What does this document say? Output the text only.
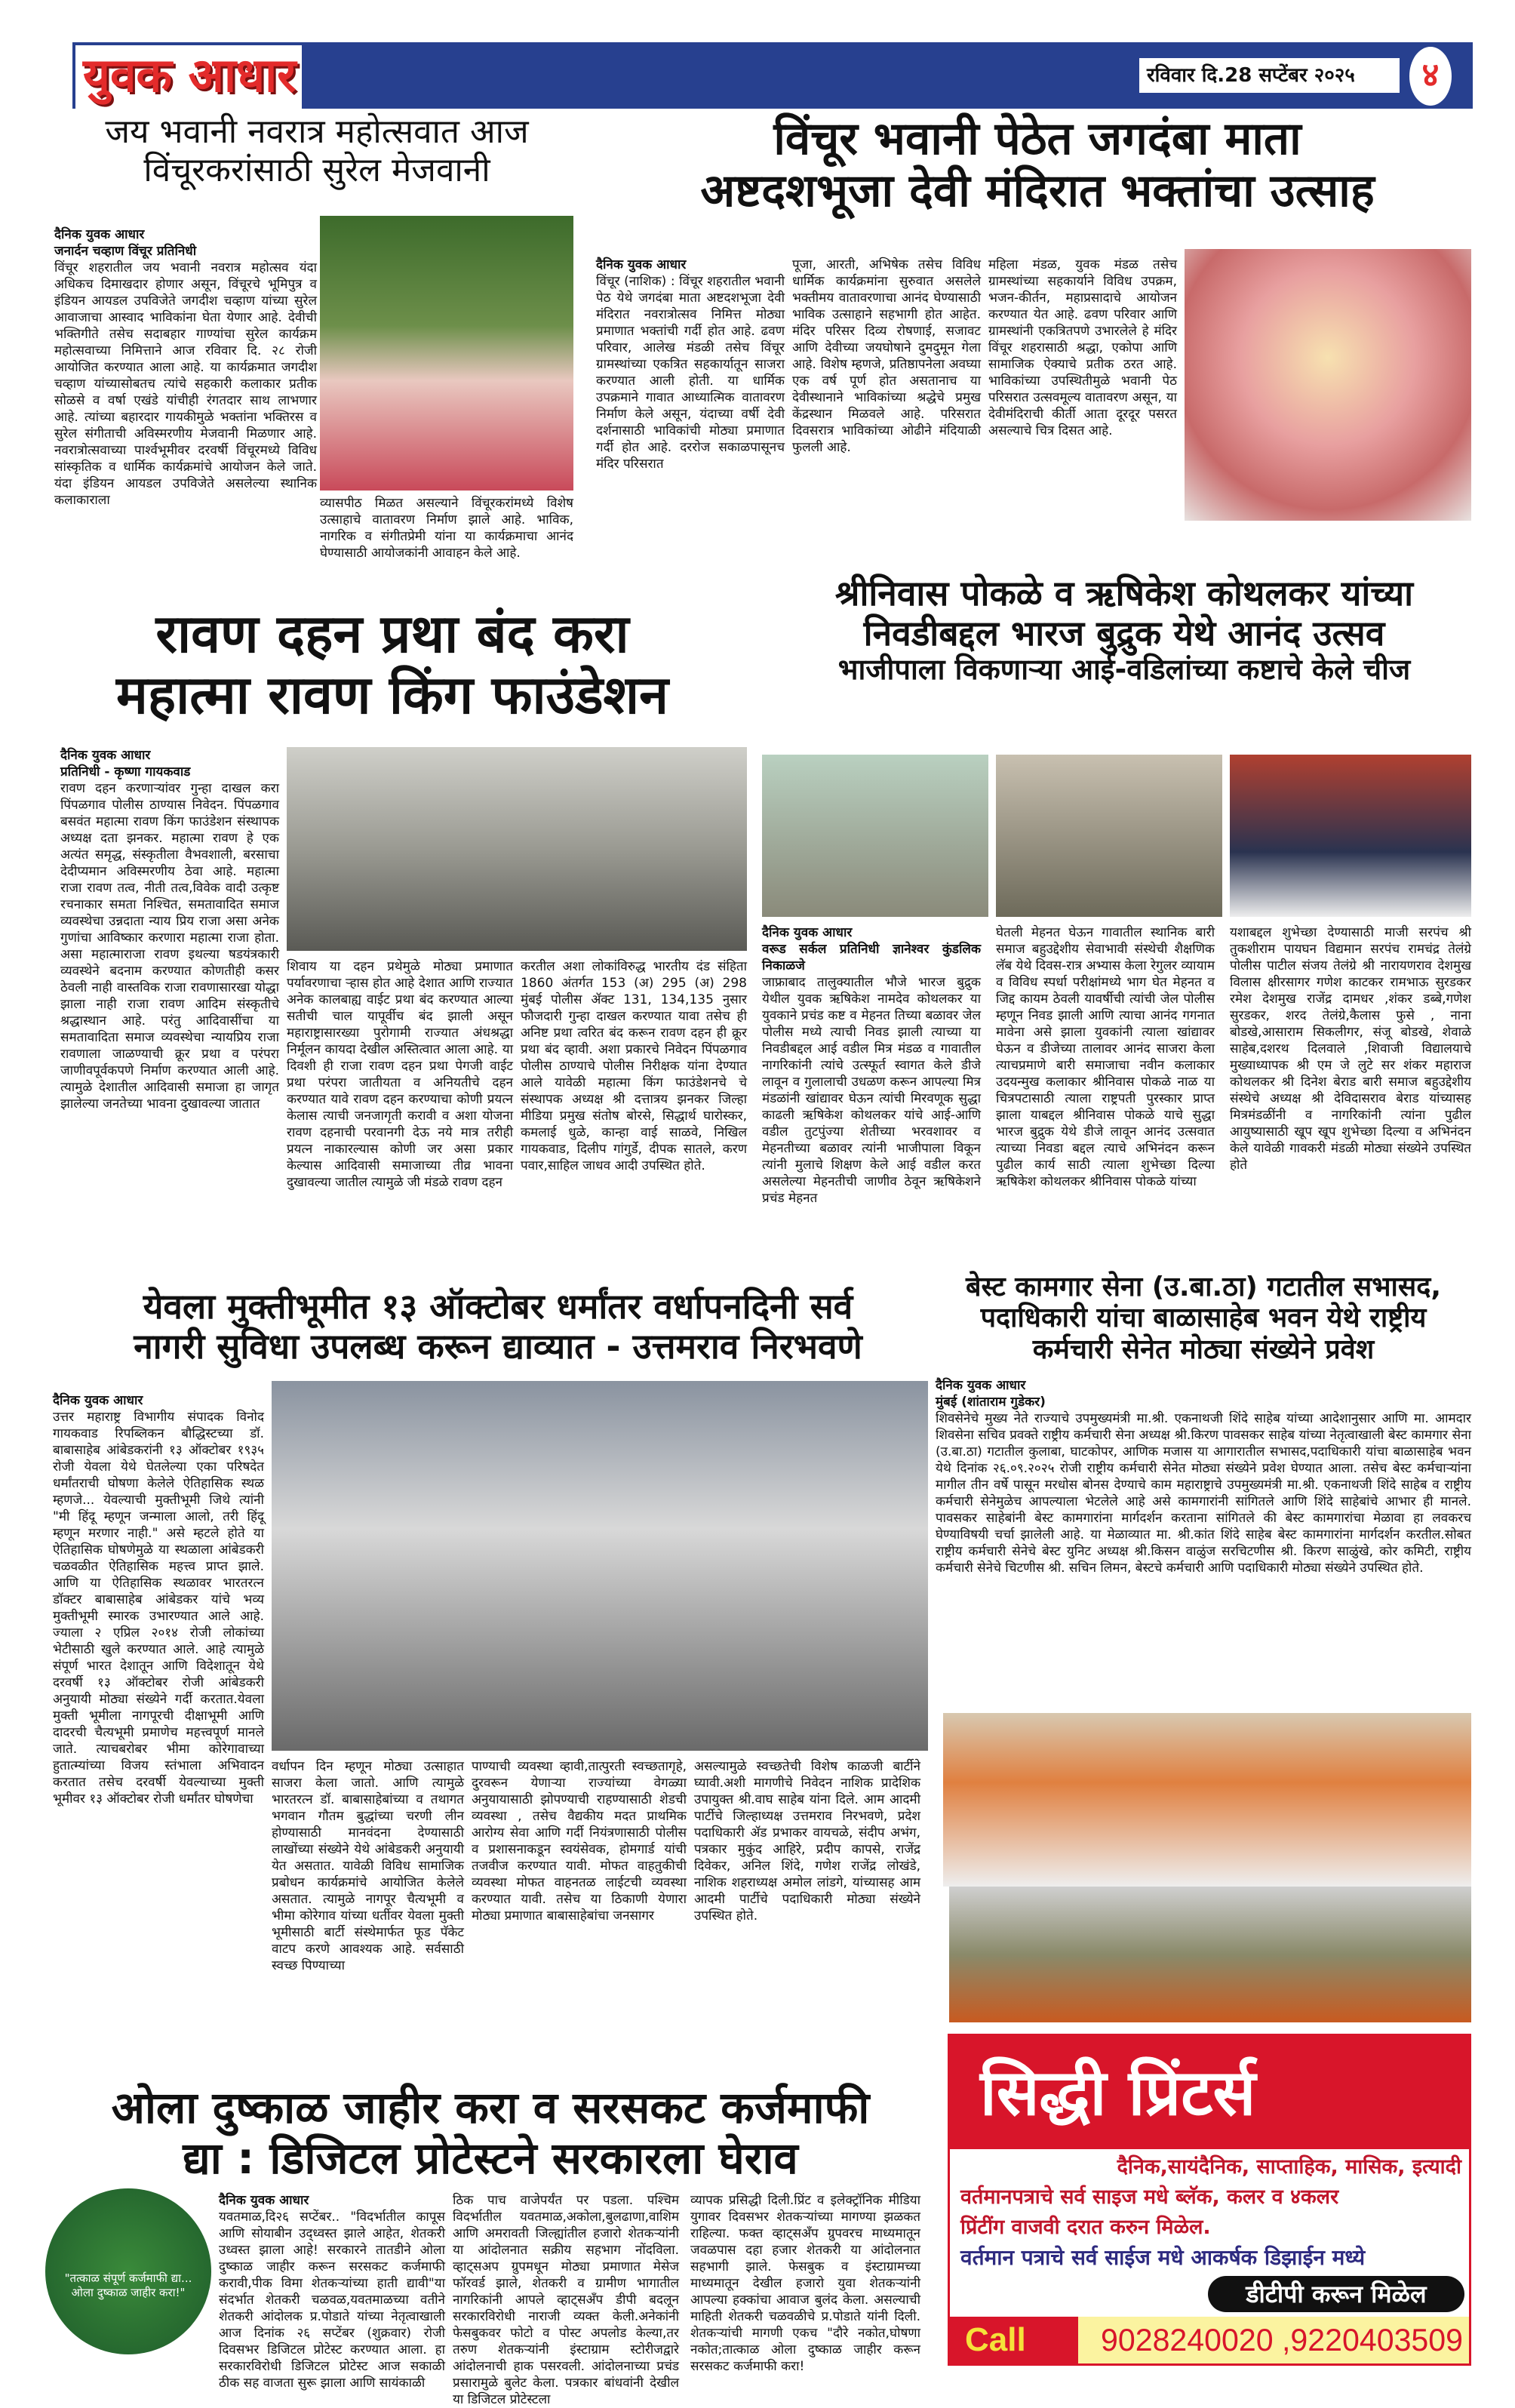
युवक आधार	रविवार दि.28 सप्टेंबर २०२५	४
जय भवानी नवरात्र महोत्सवात आज
विंचूरकरांसाठी सुरेल मेजवानी
दैनिक युवक आधार
जनार्दन चव्हाण विंचूर प्रतिनिधी
विंचूर शहरातील जय भवानी नवरात्र महोत्सव यंदा अधिकच दिमाखदार होणार असून, विंचूरचे भूमिपुत्र व इंडियन आयडल उपविजेते जगदीश चव्हाण यांच्या सुरेल आवाजाचा आस्वाद भाविकांना घेता येणार आहे. देवीची भक्तिगीते तसेच सदाबहार गाण्यांचा सुरेल कार्यक्रम महोत्सवाच्या निमित्ताने आज रविवार दि. २८ रोजी आयोजित करण्यात आला आहे. या कार्यक्रमात जगदीश चव्हाण यांच्यासोबतच त्यांचे सहकारी कलाकार प्रतीक सोळसे व वर्षा एखंडे यांचीही रंगतदार साथ लाभणार आहे. त्यांच्या बहारदार गायकीमुळे भक्तांना भक्तिरस व सुरेल संगीताची अविस्मरणीय मेजवानी मिळणार आहे. नवरात्रोत्सवाच्या पार्श्वभूमीवर दरवर्षी विंचूरमध्ये विविध सांस्कृतिक व धार्मिक कार्यक्रमांचे आयोजन केले जाते. यंदा इंडियन आयडल उपविजेते असलेल्या स्थानिक कलाकाराला	व्यासपीठ मिळत असल्याने विंचूरकरांमध्ये विशेष उत्साहाचे वातावरण निर्माण झाले आहे. भाविक, नागरिक व संगीतप्रेमी यांना या कार्यक्रमाचा आनंद घेण्यासाठी आयोजकांनी आवाहन केले आहे.
विंचूर भवानी पेठेत जगदंबा माता
अष्टदशभूजा देवी मंदिरात भक्तांचा उत्साह
दैनिक युवक आधार
विंचूर (नाशिक) : विंचूर शहरातील भवानी पेठ येथे जगदंबा माता अष्टदशभूजा देवी मंदिरात नवरात्रोत्सव निमित्त मोठ्या प्रमाणात भक्तांची गर्दी होत आहे. ढवण परिवार, आलेख मंडळी तसेच विंचूर ग्रामस्थांच्या एकत्रित सहकार्यातून साजरा करण्यात आली होती. या धार्मिक उपक्रमाने गावात आध्यात्मिक वातावरण निर्माण केले असून, यंदाच्या वर्षी देवी दर्शनासाठी भाविकांची मोठ्या प्रमाणात गर्दी होत आहे. दररोज सकाळपासूनच मंदिर परिसरात
पूजा, आरती, अभिषेक तसेच विविध धार्मिक कार्यक्रमांना सुरुवात असलेले भक्तीमय वातावरणाचा आनंद घेण्यासाठी भाविक उत्साहाने सहभागी होत आहेत. मंदिर परिसर दिव्य रोषणाई, सजावट आणि देवीच्या जयघोषाने दुमदुमून गेला आहे. विशेष म्हणजे, प्रतिष्ठापनेला अवघ्या एक वर्ष पूर्ण होत असतानाच या देवीस्थानाने भाविकांच्या श्रद्धेचे प्रमुख केंद्रस्थान मिळवले आहे. परिसरात दिवसरात्र भाविकांच्या ओढीने मंदियाळी फुलली आहे.
महिला मंडळ, युवक मंडळ तसेच ग्रामस्थांच्या सहकार्याने विविध उपक्रम, भजन-कीर्तन, महाप्रसादाचे आयोजन करण्यात येत आहे. ढवण परिवार आणि ग्रामस्थांनी एकत्रितपणे उभारलेले हे मंदिर विंचूर शहरासाठी श्रद्धा, एकोपा आणि सामाजिक ऐक्याचे प्रतीक ठरत आहे. भाविकांच्या उपस्थितीमुळे भवानी पेठ परिसरात उत्सवमूल्य वातावरण असून, या देवीमंदिराची कीर्ती आता दूरदूर पसरत असल्याचे चित्र दिसत आहे.
रावण दहन प्रथा बंद करा
महात्मा रावण किंग फाउंडेशन
दैनिक युवक आधार
प्रतिनिधी - कृष्णा गायकवाड
रावण दहन करणाऱ्यांवर गुन्हा दाखल करा पिंपळगाव पोलीस ठाण्यास निवेदन. पिंपळगाव बसवंत महात्मा रावण किंग फाउंडेशन संस्थापक अध्यक्ष दता झनकर. महात्मा रावण हे एक अत्यंत समृद्ध, संस्कृतीला वैभवशाली, बरसाचा देदीप्यमान अविस्मरणीय ठेवा आहे. महात्मा राजा रावण तत्व, नीती तत्व,विवेक वादी उत्कृष्ट रचनाकार समता निश्चित, समतावादित समाज व्यवस्थेचा उन्नदाता न्याय प्रिय राजा असा अनेक गुणांचा आविष्कार करणारा महात्मा राजा होता. असा महात्माराजा रावण इथल्या षडयंत्रकारी व्यवस्थेने बदनाम करण्यात कोणतीही कसर ठेवली नाही वास्तविक राजा रावणासारखा योद्धा झाला नाही राजा रावण आदिम संस्कृतीचे श्रद्धास्थान आहे. परंतु आदिवासींचा या समतावादिता समाज व्यवस्थेचा न्यायप्रिय राजा रावणाला जाळण्याची क्रूर प्रथा व परंपरा जाणीवपूर्वकपणे निर्माण करण्यात आली आहे. त्यामुळे देशातील आदिवासी समाजा हा जागृत झालेल्या जनतेच्या भावना दुखावल्या जातात
शिवाय या दहन प्रथेमुळे मोठ्या प्रमाणात पर्यावरणाचा ऱ्हास होत आहे देशात आणि राज्यात अनेक कालबाह्य वाईट प्रथा बंद करण्यात आल्या सतीची चाल यापूर्वीच बंद झाली असून महाराष्ट्रासारख्या पुरोगामी राज्यात अंधश्रद्धा निर्मूलन कायदा देखील अस्तित्वात आला आहे. या दिवशी ही राजा रावण दहन प्रथा पेगजी वाईट प्रथा परंपरा जातीयता व अनियतीचे दहन करण्यात यावे रावण दहन करण्याचा कोणी प्रयत्न केलास त्याची जनजागृती करावी व अशा योजना रावण दहनाची परवानगी देऊ नये मात्र तरीही प्रयत्न नाकारल्यास कोणी जर असा प्रकार केल्यास आदिवासी समाजाच्या तीव्र भावना दुखावल्या जातील त्यामुळे जी मंडळे रावण दहन
करतील अशा लोकांविरुद्ध भारतीय दंड संहिता 1860 अंतर्गत 153 (अ) 295 (अ) 298 मुंबई पोलीस ॲक्ट 131, 134,135 नुसार फौजदारी गुन्हा दाखल करण्यात यावा तसेच ही अनिष्ट प्रथा त्वरित बंद करून रावण दहन ही क्रूर प्रथा बंद व्हावी. अशा प्रकारचे निवेदन पिंपळगाव पोलीस ठाण्याचे पोलीस निरीक्षक यांना देण्यात आले यावेळी महात्मा किंग फाउंडेशनचे चे संस्थापक अध्यक्ष श्री दत्तात्रय झनकर जिल्हा मीडिया प्रमुख संतोष बोरसे, सिद्धार्थ घारोस्कर, कमलाई धुळे, कान्हा वाई साळवे, निखिल गायकवाड, दिलीप गांगुर्डे, दीपक सातले, करण पवार,साहिल जाधव आदी उपस्थित होते.
श्रीनिवास पोकळे व ऋषिकेश कोथलकर यांच्या
निवडीबद्दल भारज बुद्रुक येथे आनंद उत्सव
भाजीपाला विकणाऱ्या आई-वडिलांच्या कष्टाचे केले चीज
दैनिक युवक आधार
वरूड सर्कल प्रतिनिधी ज्ञानेश्वर कुंडलिक निकाळजे
जाफ्राबाद तालुक्यातील भौजे भारज बुद्रुक येथील युवक ऋषिकेश नामदेव कोथलकर या युवकाने प्रचंड कष्ट व मेहनत तिच्या बळावर जेल पोलीस मध्ये त्याची निवड झाली त्याच्या या निवडीबद्दल आई वडील मित्र मंडळ व गावातील नागरिकांनी त्यांचे उत्स्फूर्त स्वागत केले डीजे लावून व गुलालाची उधळण करून आपल्या मित्र मंडळांनी खांद्यावर घेऊन त्यांची मिरवणूक सुद्धा काढली ऋषिकेश कोथलकर यांचे आई-आणि वडील तुटपुंज्या शेतीच्या भरवशावर व मेहनतीच्या बळावर त्यांनी भाजीपाला विकून त्यांनी मुलाचे शिक्षण केले आई वडील करत असलेल्या मेहनतीची जाणीव ठेवून ऋषिकेशने प्रचंड मेहनत
घेतली मेहनत घेऊन गावातील स्थानिक बारी समाज बहुउद्देशीय सेवाभावी संस्थेची शैक्षणिक लॅब येथे दिवस-रात्र अभ्यास केला रेगुलर व्यायाम व विविध स्पर्धा परीक्षांमध्ये भाग घेत मेहनत व जिद्द कायम ठेवली यावर्षीची त्यांची जेल पोलीस म्हणून निवड झाली आणि त्याचा आनंद गगनात मावेना असे झाला युवकांनी त्याला खांद्यावर घेऊन व डीजेच्या तालावर आनंद साजरा केला त्याचप्रमाणे बारी समाजाचा नवीन कलाकार उदयन्मुख कलाकार श्रीनिवास पोकळे नाळ या चित्रपटासाठी त्याला राष्ट्रपती पुरस्कार प्राप्त झाला याबद्दल श्रीनिवास पोकळे याचे सुद्धा भारज बुद्रुक येथे डीजे लावून आनंद उत्सवात त्याच्या निवडा बद्दल त्याचे अभिनंदन करून पुढील कार्य साठी त्याला शुभेच्छा दिल्या ऋषिकेश कोथलकर श्रीनिवास पोकळे यांच्या
यशाबद्दल शुभेच्छा देण्यासाठी माजी सरपंच श्री तुकशीराम पायघन विद्यमान सरपंच रामचंद्र तेलंग्रे पोलीस पाटील संजय तेलंग्रे श्री नारायणराव देशमुख विलास क्षीरसागर गणेश काटकर रामभाऊ सुरडकर रमेश देशमुख राजेंद्र दामधर ,शंकर डब्बे,गणेश सुरडकर, शरद तेलंग्रे,कैलास फुसे , नाना बोडखे,आसाराम सिकलीगर, संजू बोडखे, शेवाळे साहेब,दशरथ दिलवाले ,शिवाजी विद्यालयाचे मुख्याध्यापक श्री एम जे लुटे सर शंकर महाराज कोथलकर श्री दिनेश बेराड बारी समाज बहुउद्देशीय संस्थेचे अध्यक्ष श्री देविदासराव बेराड यांच्यासह मित्रमंडळींनी व नागरिकांनी त्यांना पुढील आयुष्यासाठी खूप खूप शुभेच्छा दिल्या व अभिनंदन केले यावेळी गावकरी मंडळी मोठ्या संख्येने उपस्थित होते
येवला मुक्तीभूमीत १३ ऑक्टोबर धर्मांतर वर्धापनदिनी सर्व
नागरी सुविधा उपलब्ध करून द्याव्यात - उत्तमराव निरभवणे
दैनिक युवक आधार
उत्तर महाराष्ट्र विभागीय संपादक विनोद गायकवाड रिपब्लिकन बौद्धिस्टच्या डॉ. बाबासाहेब आंबेडकरांनी १३ ऑक्टोबर १९३५ रोजी येवला येथे घेतलेल्या एका परिषदेत धर्मांतराची घोषणा केलेले ऐतिहासिक स्थळ म्हणजे... येवल्याची मुक्तीभूमी जिथे त्यांनी "मी हिंदू म्हणून जन्माला आलो, तरी हिंदू म्हणून मरणार नाही." असे म्हटले होते या ऐतिहासिक घोषणेमुळे या स्थळाला आंबेडकरी चळवळीत ऐतिहासिक महत्त्व प्राप्त झाले. आणि या ऐतिहासिक स्थळावर भारतरत्न डॉक्टर बाबासाहेब आंबेडकर यांचे भव्य मुक्तीभूमी स्मारक उभारण्यात आले आहे. ज्याला २ एप्रिल २०१४ रोजी लोकांच्या भेटीसाठी खुले करण्यात आले. आहे त्यामुळे संपूर्ण भारत देशातून आणि विदेशातून येथे दरवर्षी १३ ऑक्टोबर रोजी आंबेडकरी अनुयायी मोठ्या संख्येने गर्दी करतात.येवला मुक्ती भूमीला नागपूरची दीक्षाभूमी आणि दादरची चैत्यभूमी प्रमाणेच महत्त्वपूर्ण मानले जाते. त्याचबरोबर भीमा कोरेगावाच्या हुतात्म्यांच्या विजय स्तंभाला अभिवादन करतात तसेच दरवर्षी येवल्याच्या मुक्ती भूमीवर १३ ऑक्टोबर रोजी धर्मांतर घोषणेचा
वर्धापन दिन म्हणून मोठ्या उत्साहात साजरा केला जातो. आणि त्यामुळे भारतरत्न डॉ. बाबासाहेबांच्या व तथागत भगवान गौतम बुद्धांच्या चरणी लीन होण्यासाठी मानवंदना देण्यासाठी लाखोंच्या संख्येने येथे आंबेडकरी अनुयायी येत असतात. यावेळी विविध सामाजिक प्रबोधन कार्यक्रमांचे आयोजित केलेले असतात. त्यामुळे नागपूर चैत्यभूमी व भीमा कोरेगाव यांच्या धर्तीवर येवला मुक्ती भूमीसाठी बार्टी संस्थेमार्फत फूड पॅकेट वाटप करणे आवश्यक आहे. सर्वसाठी स्वच्छ पिण्याच्या
पाण्याची व्यवस्था व्हावी,तात्पुरती स्वच्छतागृहे, दुरवरून येणाऱ्या राज्यांच्या वेगळ्या अनुयायासाठी झोपण्याची राहण्यासाठी शेडची व्यवस्था , तसेच वैद्यकीय मदत प्राथमिक आरोग्य सेवा आणि गर्दी नियंत्रणासाठी पोलीस व प्रशासनाकडून स्वयंसेवक, होमगार्ड यांची तजवीज करण्यात यावी. मोफत वाहतुकीची व्यवस्था मोफत वाहनतळ लाईटची व्यवस्था करण्यात यावी. तसेच या ठिकाणी येणारा मोठ्या प्रमाणात बाबासाहेबांचा जनसागर
असल्यामुळे स्वच्छतेची विशेष काळजी बार्टीने घ्यावी.अशी मागणीचे निवेदन नाशिक प्रादेशिक उपायुक्त श्री.वाघ साहेब यांना दिले. आम आदमी पार्टीचे जिल्हाध्यक्ष उत्तमराव निरभवणे, प्रदेश पदाधिकारी ॲड प्रभाकर वायचळे, संदीप अभंग, पत्रकार मुकुंद आहिरे, प्रदीप कापसे, राजेंद्र दिवेकर, अनिल शिंदे, गणेश राजेंद्र लोखंडे, नाशिक शहराध्यक्ष अमोल लांडगे, यांच्यासह आम आदमी पार्टीचे पदाधिकारी मोठ्या संख्येने उपस्थित होते.
बेस्ट कामगार सेना (उ.बा.ठा) गटातील सभासद,
पदाधिकारी यांचा बाळासाहेब भवन येथे राष्ट्रीय
कर्मचारी सेनेत मोठ्या संख्येने प्रवेश
दैनिक युवक आधार
मुंबई (शांताराम गुडेकर)
शिवसेनेचे मुख्य नेते राज्याचे उपमुख्यमंत्री मा.श्री. एकनाथजी शिंदे साहेब यांच्या आदेशानुसार आणि मा. आमदार शिवसेना सचिव प्रवक्ते राष्ट्रीय कर्मचारी सेना अध्यक्ष श्री.किरण पावसकर साहेब यांच्या नेतृत्वाखाली बेस्ट कामगार सेना (उ.बा.ठा) गटातील कुलाबा, घाटकोपर, आणिक मजास या आगारातील सभासद,पदाधिकारी यांचा बाळासाहेब भवन येथे दिनांक २६.०९.२०२५ रोजी राष्ट्रीय कर्मचारी सेनेत मोठ्या संख्येने प्रवेश घेण्यात आला. तसेच बेस्ट कर्मचाऱ्यांना मागील तीन वर्षे पासून मरधोस बोनस देण्याचे काम महाराष्ट्राचे उपमुख्यमंत्री मा.श्री. एकनाथजी शिंदे साहेब व राष्ट्रीय कर्मचारी सेनेमुळेच आपल्याला भेटलेले आहे असे कामगारांनी सांगितले आणि शिंदे साहेबांचे आभार ही मानले. पावसकर साहेबांनी बेस्ट कामगारांना मार्गदर्शन करताना सांगितले की बेस्ट कामगारांचा मेळावा हा लवकरच घेण्याविषयी चर्चा झालेली आहे. या मेळाव्यात मा. श्री.कांत शिंदे साहेब बेस्ट कामगारांना मार्गदर्शन करतील.सोबत राष्ट्रीय कर्मचारी सेनेचे बेस्ट युनिट अध्यक्ष श्री.किसन वाळुंज सरचिटणीस श्री. किरण साळुंखे, कोर कमिटी, राष्ट्रीय कर्मचारी सेनेचे चिटणीस श्री. सचिन लिमन, बेस्टचे कर्मचारी आणि पदाधिकारी मोठ्या संख्येने उपस्थित होते.
ओला दुष्काळ जाहीर करा व सरसकट कर्जमाफी
द्या : डिजिटल प्रोटेस्टने सरकारला घेराव
"तत्काळ संपूर्ण कर्जमाफी द्या... ओला दुष्काळ जाहीर करा!"
दैनिक युवक आधार
यवतमाळ,दि२६ सप्टेंबर.. "विदर्भातील कापूस आणि सोयाबीन उद्ध्वस्त झाले आहेत, शेतकरी उध्वस्त झाला आहे! सरकारने तातडीने ओला दुष्काळ जाहीर करून सरसकट कर्जमाफी करावी,पीक विमा शेतकऱ्यांच्या हाती द्यावी"या संदर्भात शेतकरी चळवळ,यवतमाळच्या वतीने शेतकरी आंदोलक प्र.पोडाते यांच्या नेतृत्वाखाली आज दिनांक २६ सप्टेंबर (शुक्रवार) रोजी दिवसभर डिजिटल प्रोटेस्ट करण्यात आला. हा सरकारविरोधी डिजिटल प्रोटेस्ट आज सकाळी ठीक सह वाजता सुरू झाला आणि सायंकाळी
ठिक पाच वाजेपर्यंत पर पडला. पश्चिम विदर्भातील यवतमाळ,अकोला,बुलढाणा,वाशिम आणि अमरावती जिल्ह्यांतील हजारो शेतकऱ्यांनी या आंदोलनात सक्रीय सहभाग नोंदविला. व्हाट्सअप ग्रुपमधून मोठ्या प्रमाणात मेसेज फॉरवर्ड झाले, शेतकरी व ग्रामीण भागातील नागरिकांनी आपले व्हाट्सअँप डीपी बदलून सरकारविरोधी नाराजी व्यक्त केली.अनेकांनी फेसबुकवर फोटो व पोस्ट अपलोड केल्या,तर तरुण शेतकऱ्यांनी इंस्टाग्राम स्टोरीजद्वारे आंदोलनाची हाक पसरवली. आंदोलनाच्या प्रचंड प्रसारामुळे बुलेट केला. पत्रकार बांधवांनी देखील या डिजिटल प्रोटेस्टला
व्यापक प्रसिद्धी दिली.प्रिंट व इलेक्ट्रॉनिक मीडिया युगावर दिवसभर शेतकऱ्यांच्या मागण्या झळकत राहिल्या. फक्त व्हाट्सअँप ग्रुपवरच माध्यमातून जवळपास दहा हजार शेतकरी या आंदोलनात सहभागी झाले. फेसबुक व इंस्टाग्रामच्या माध्यमातून देखील हजारो युवा शेतकऱ्यांनी आपल्या हक्कांचा आवाज बुलंद केला. असल्याची माहिती शेतकरी चळवळीचे प्र.पोडाते यांनी दिली. शेतकऱ्यांची मागणी एकच "दौरे नकोत,घोषणा नकोत;तात्काळ ओला दुष्काळ जाहीर करून सरसकट कर्जमाफी करा!
सिद्धी प्रिंटर्स
दैनिक,सायंदैनिक, साप्ताहिक, मासिक, इत्यादी
वर्तमानपत्राचे सर्व साइज मधे ब्लॅक, कलर व ४कलर
प्रिंटींग वाजवी दरात करुन मिळेल.
वर्तमान पत्राचे सर्व साईज मधे आकर्षक डिझाईन मध्ये
डीटीपी करून मिळेल
Call	9028240020 ,9220403509
